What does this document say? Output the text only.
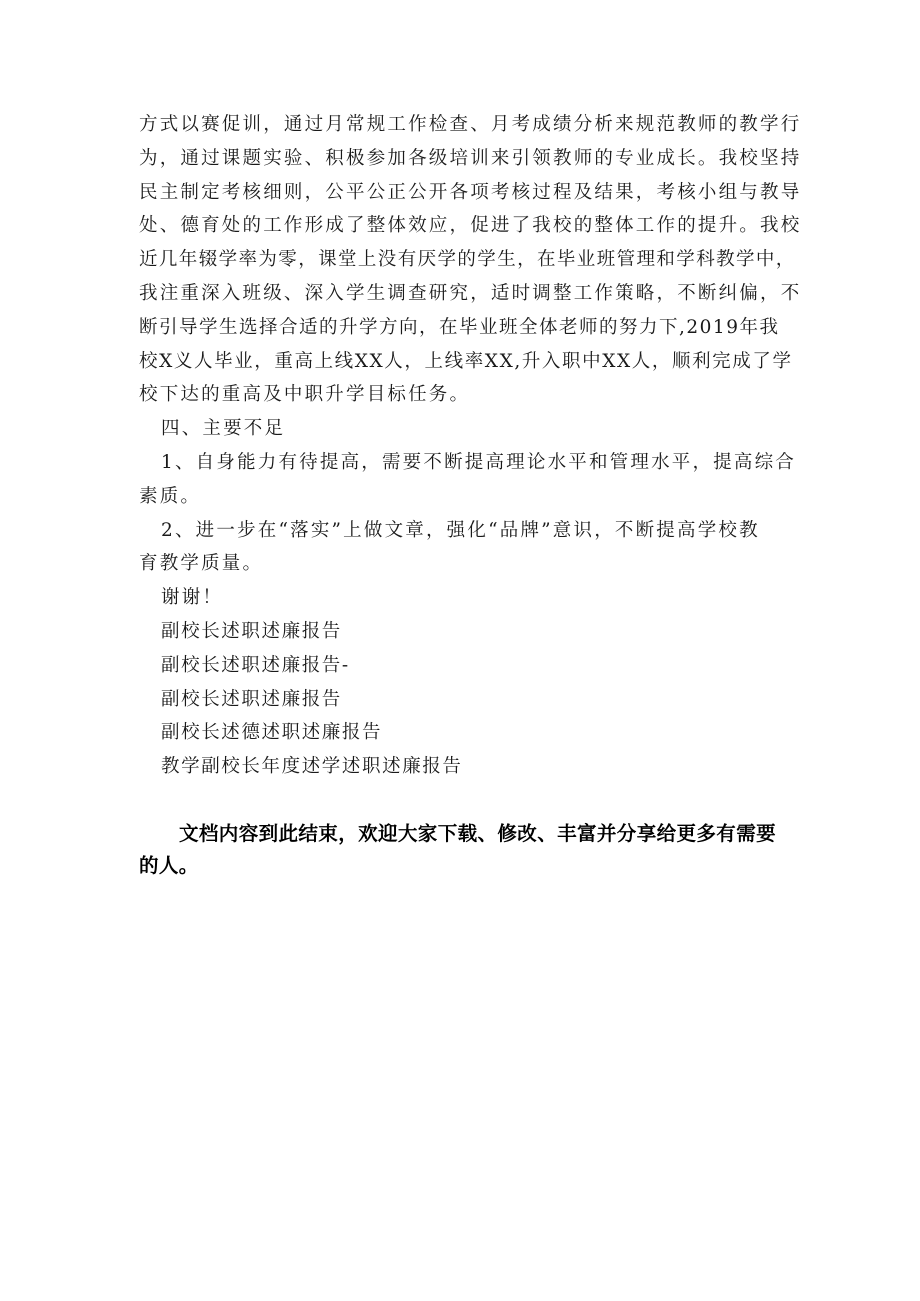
方式以赛促训，通过月常规工作检查、月考成绩分析来规范教师的教学行
为，通过课题实验、积极参加各级培训来引领教师的专业成长。我校坚持
民主制定考核细则，公平公正公开各项考核过程及结果，考核小组与教导
处、德育处的工作形成了整体效应，促进了我校的整体工作的提升。我校
近几年辍学率为零，课堂上没有厌学的学生，在毕业班管理和学科教学中，
我注重深入班级、深入学生调查研究，适时调整工作策略，不断纠偏，不
断引导学生选择合适的升学方向，在毕业班全体老师的努力下,2019年我
校X义人毕业，重高上线XX人，上线率XX,升入职中XX人，顺利完成了学
校下达的重高及中职升学目标任务。

四、主要不足

1、自身能力有待提高，需要不断提高理论水平和管理水平，提高综合
素质。
2、进一步在“落实”上做文章，强化“品牌”意识，不断提高学校教
育教学质量。

谢谢！

副校长述职述廉报告

副校长述职述廉报告-

副校长述职述廉报告

副校长述德述职述廉报告

教学副校长年度述学述职述廉报告

文档内容到此结束，欢迎大家下载、修改、丰富并分享给更多有需要
的人。
